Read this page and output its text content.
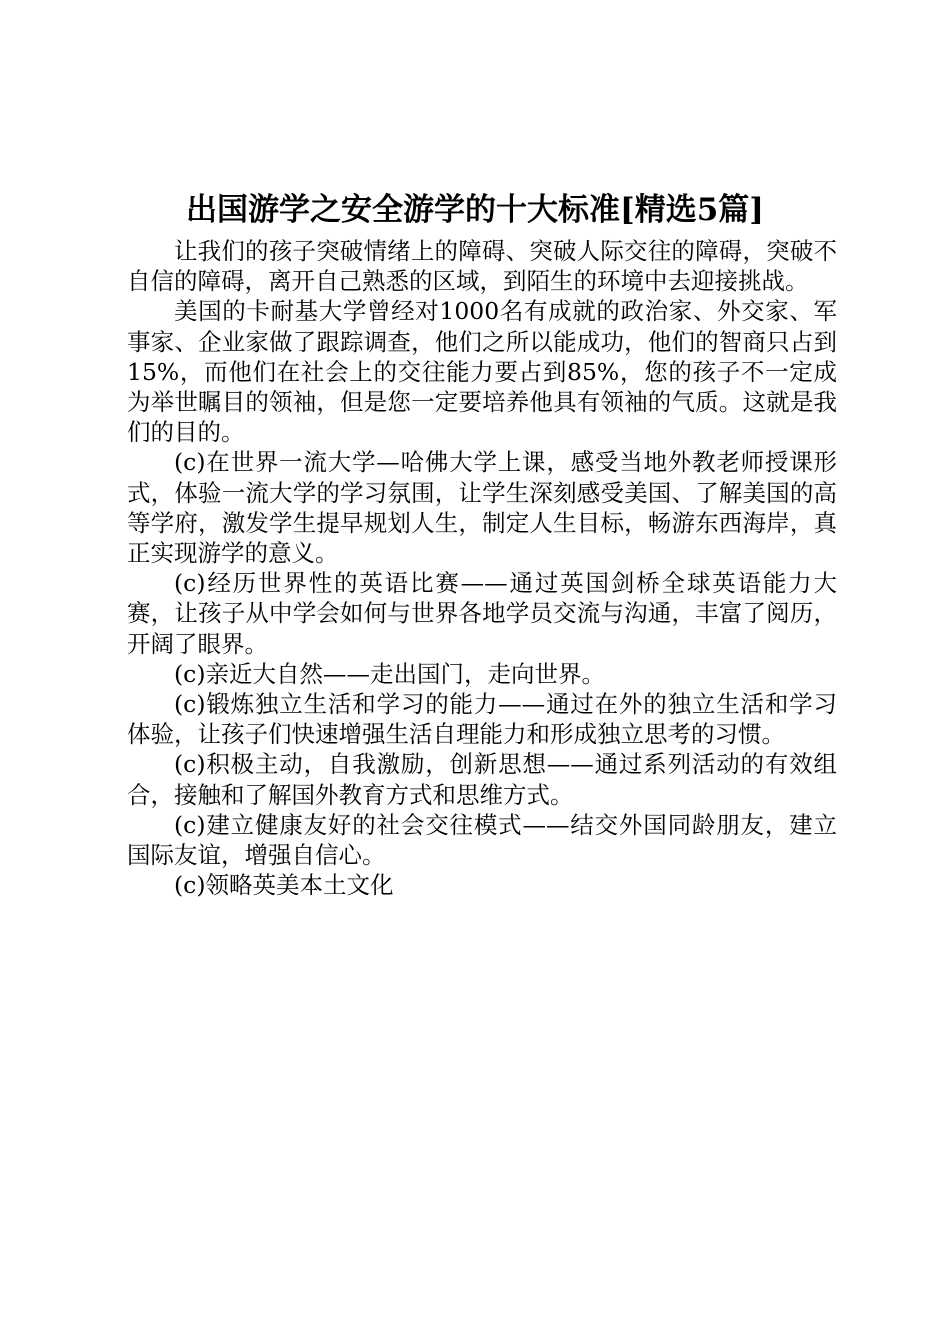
出国游学之安全游学的十大标准[精选5篇]

让我们的孩子突破情绪上的障碍、突破人际交往的障碍，突破不自信的障碍，离开自己熟悉的区域，到陌生的环境中去迎接挑战。

美国的卡耐基大学曾经对1000名有成就的政治家、外交家、军事家、企业家做了跟踪调查，他们之所以能成功，他们的智商只占到15%，而他们在社会上的交往能力要占到85%，您的孩子不一定成为举世瞩目的领袖，但是您一定要培养他具有领袖的气质。这就是我们的目的。

(c)在世界一流大学—哈佛大学上课，感受当地外教老师授课形式，体验一流大学的学习氛围，让学生深刻感受美国、了解美国的高等学府，激发学生提早规划人生，制定人生目标，畅游东西海岸，真正实现游学的意义。

(c)经历世界性的英语比赛——通过英国剑桥全球英语能力大赛，让孩子从中学会如何与世界各地学员交流与沟通，丰富了阅历，开阔了眼界。

(c)亲近大自然——走出国门，走向世界。

(c)锻炼独立生活和学习的能力——通过在外的独立生活和学习体验，让孩子们快速增强生活自理能力和形成独立思考的习惯。

(c)积极主动，自我激励，创新思想——通过系列活动的有效组合，接触和了解国外教育方式和思维方式。

(c)建立健康友好的社会交往模式——结交外国同龄朋友，建立国际友谊，增强自信心。

(c)领略英美本土文化
